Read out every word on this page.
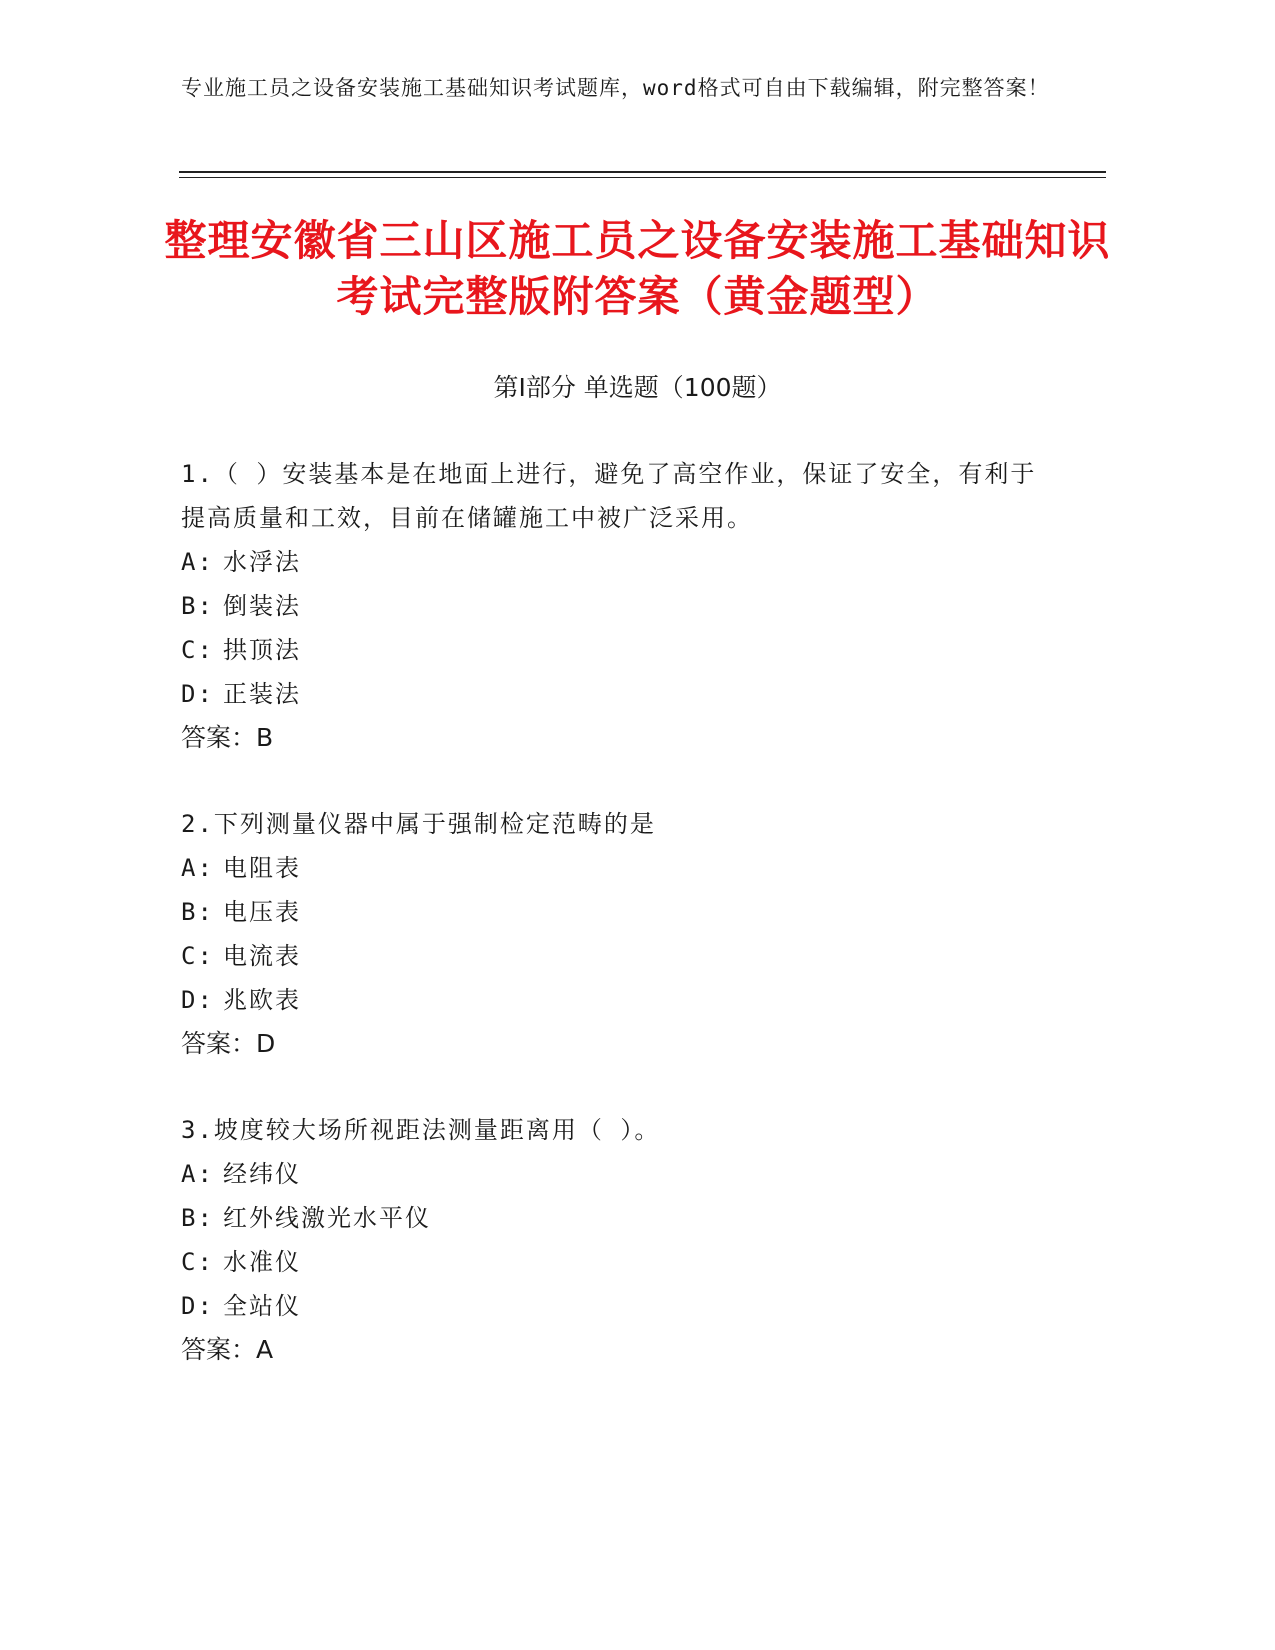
专业施工员之设备安装施工基础知识考试题库，word格式可自由下载编辑，附完整答案！
整理安徽省三山区施工员之设备安装施工基础知识考试完整版附答案（黄金题型）
第Ⅰ部分 单选题（100题）

1.（ ）安装基本是在地面上进行，避免了高空作业，保证了安全，有利于提高质量和工效，目前在储罐施工中被广泛采用。

A: 水浮法

B: 倒装法

C: 拱顶法

D: 正装法

答案：B

2.下列测量仪器中属于强制检定范畴的是

A: 电阻表

B: 电压表

C: 电流表

D: 兆欧表

答案：D

3.坡度较大场所视距法测量距离用（ ）。

A: 经纬仪

B: 红外线激光水平仪

C: 水准仪

D: 全站仪

答案：A
